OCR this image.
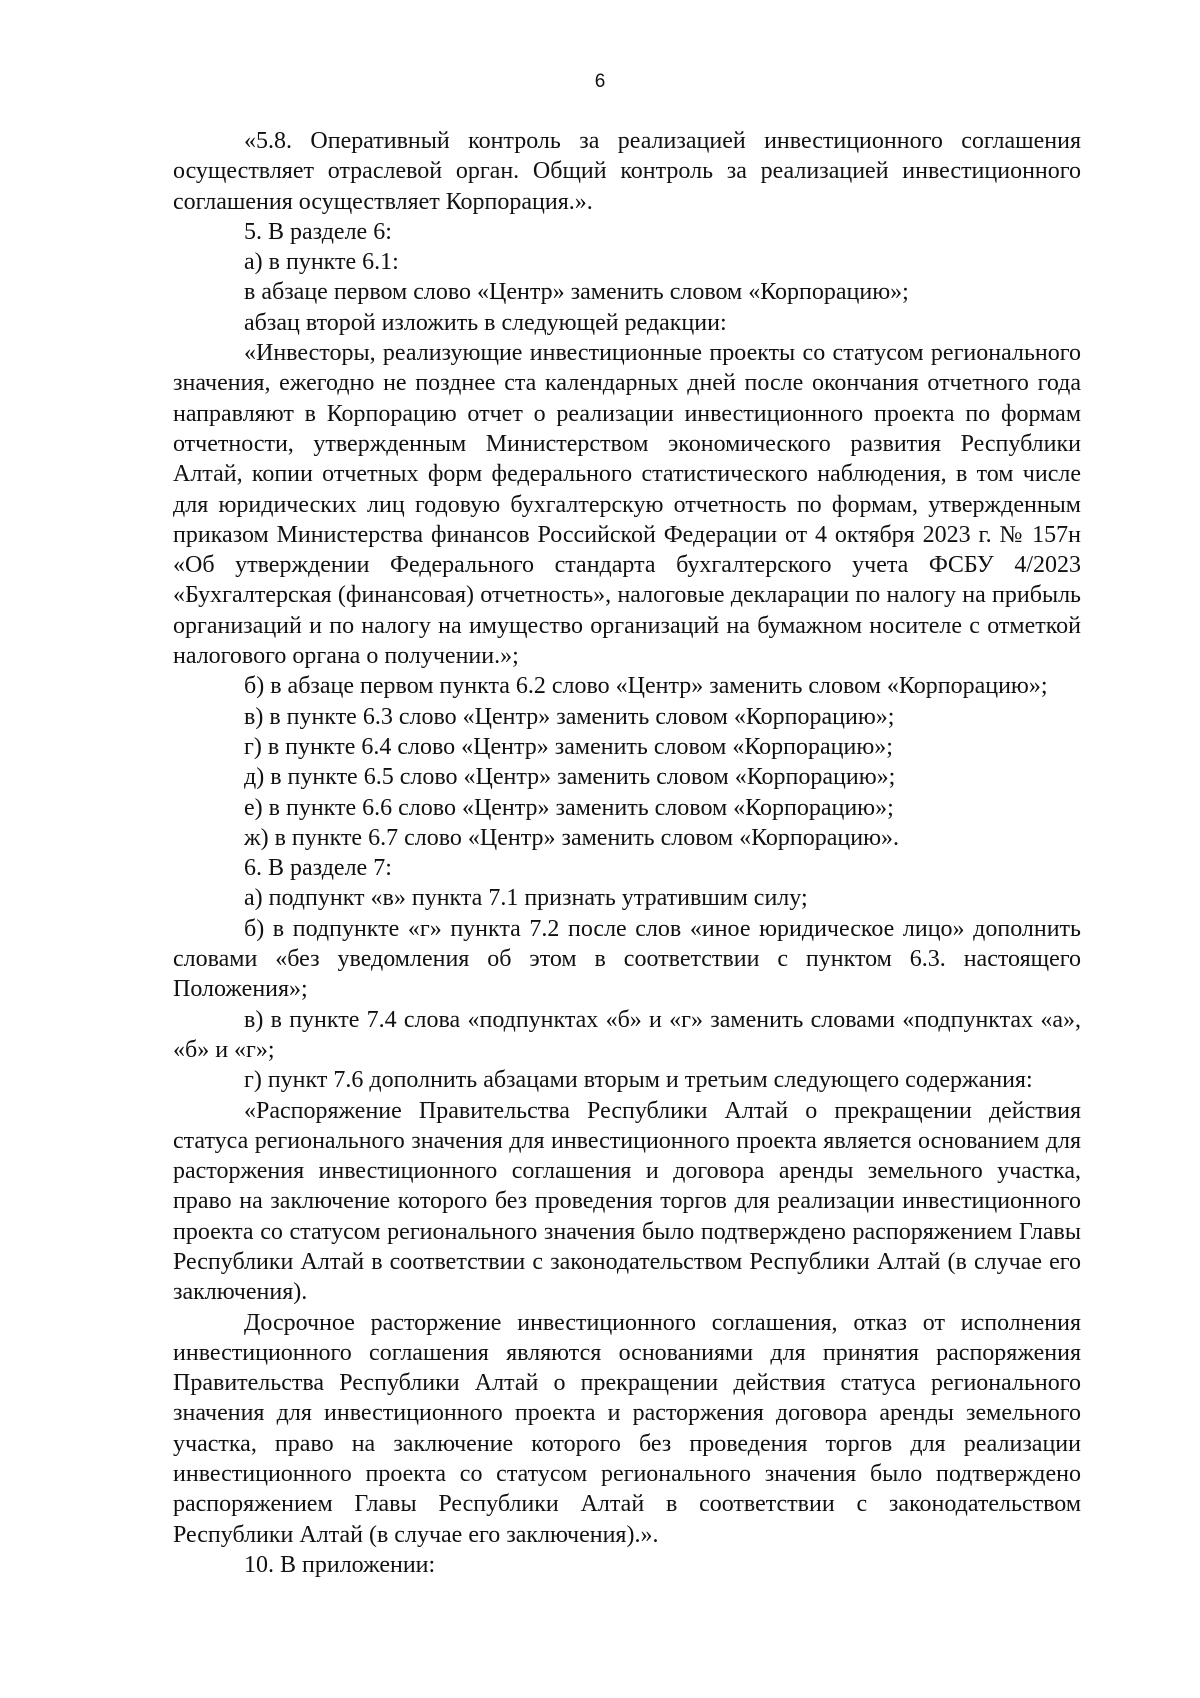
6

«5.8. Оперативный контроль за реализацией инвестиционного соглашения осуществляет отраслевой орган. Общий контроль за реализацией инвестиционного соглашения осуществляет Корпорация.».

5. В разделе 6:

а) в пункте 6.1:

в абзаце первом слово «Центр» заменить словом «Корпорацию»;

абзац второй изложить в следующей редакции:

«Инвесторы, реализующие инвестиционные проекты со статусом регионального значения, ежегодно не позднее ста календарных дней после окончания отчетного года направляют в Корпорацию отчет о реализации инвестиционного проекта по формам отчетности, утвержденным Министерством экономического развития Республики Алтай, копии отчетных форм федерального статистического наблюдения, в том числе для юридических лиц годовую бухгалтерскую отчетность по формам, утвержденным приказом Министерства финансов Российской Федерации от 4 октября 2023 г. № 157н «Об утверждении Федерального стандарта бухгалтерского учета ФСБУ 4/2023 «Бухгалтерская (финансовая) отчетность», налоговые декларации по налогу на прибыль организаций и по налогу на имущество организаций на бумажном носителе с отметкой налогового органа о получении.»;

б) в абзаце первом пункта 6.2 слово «Центр» заменить словом «Корпорацию»;

в) в пункте 6.3 слово «Центр» заменить словом «Корпорацию»;

г) в пункте 6.4 слово «Центр» заменить словом «Корпорацию»;

д) в пункте 6.5 слово «Центр» заменить словом «Корпорацию»;

е) в пункте 6.6 слово «Центр» заменить словом «Корпорацию»;

ж) в пункте 6.7 слово «Центр» заменить словом «Корпорацию».

6. В разделе 7:

а) подпункт «в» пункта 7.1 признать утратившим силу;

б) в подпункте «г» пункта 7.2 после слов «иное юридическое лицо» дополнить словами «без уведомления об этом в соответствии с пунктом 6.3. настоящего Положения»;

в) в пункте 7.4 слова «подпунктах «б» и «г» заменить словами «подпунктах «а», «б» и «г»;

г) пункт 7.6 дополнить абзацами вторым и третьим следующего содержания:

«Распоряжение Правительства Республики Алтай о прекращении действия статуса регионального значения для инвестиционного проекта является основанием для расторжения инвестиционного соглашения и договора аренды земельного участка, право на заключение которого без проведения торгов для реализации инвестиционного проекта со статусом регионального значения было подтверждено распоряжением Главы Республики Алтай в соответствии с законодательством Республики Алтай (в случае его заключения).

Досрочное расторжение инвестиционного соглашения, отказ от исполнения инвестиционного соглашения являются основаниями для принятия распоряжения Правительства Республики Алтай о прекращении действия статуса регионального значения для инвестиционного проекта и расторжения договора аренды земельного участка, право на заключение которого без проведения торгов для реализации инвестиционного проекта со статусом регионального значения было подтверждено распоряжением Главы Республики Алтай в соответствии с законодательством Республики Алтай (в случае его заключения).».

10. В приложении:
